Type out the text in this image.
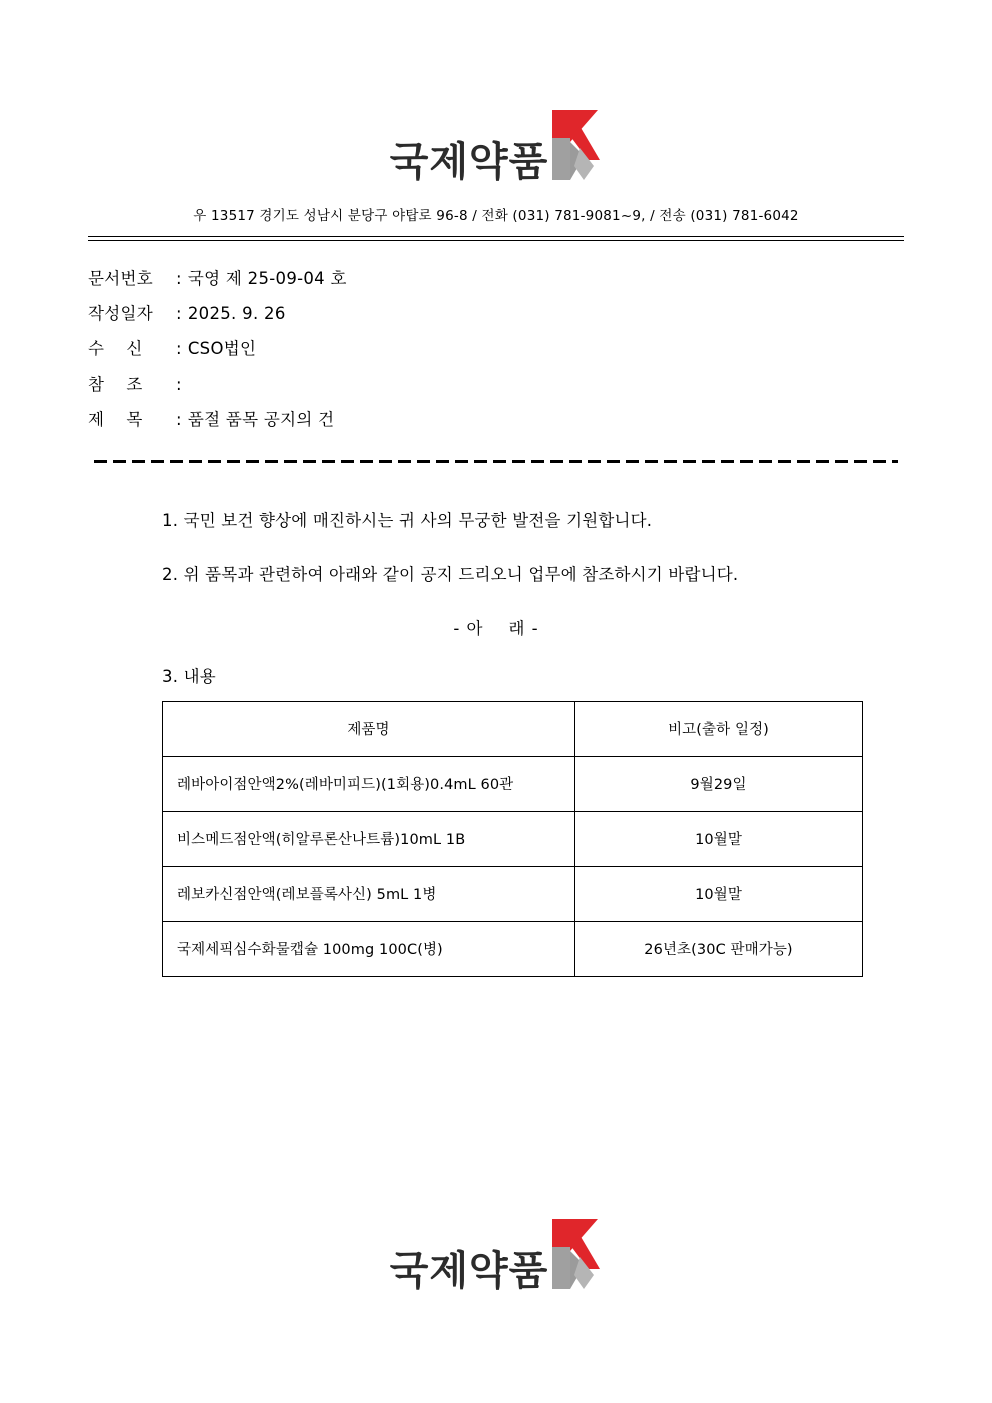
국제약품
우 13517 경기도 성남시 분당구 야탑로 96-8 / 전화 (031) 781-9081~9, / 전송 (031) 781-6042
문서번호	: 국영 제 25-09-04 호
작성일자	: 2025. 9. 26
수    신	: CSO법인
참    조	:
제    목	: 품절 품목 공지의 건
1. 국민 보건 향상에 매진하시는 귀 사의 무궁한 발전을 기원합니다.
2. 위 품목과 관련하여 아래와 같이 공지 드리오니 업무에 참조하시기 바랍니다.
- 아    래 -
3. 내용
제품명	비고(출하 일정)
레바아이점안액2%(레바미피드)(1회용)0.4mL 60관	9월29일
비스메드점안액(히알루론산나트륨)10mL 1B	10월말
레보카신점안액(레보플록사신) 5mL 1병	10월말
국제세픽심수화물캡슐 100mg 100C(병)	26년초(30C 판매가능)
국제약품
